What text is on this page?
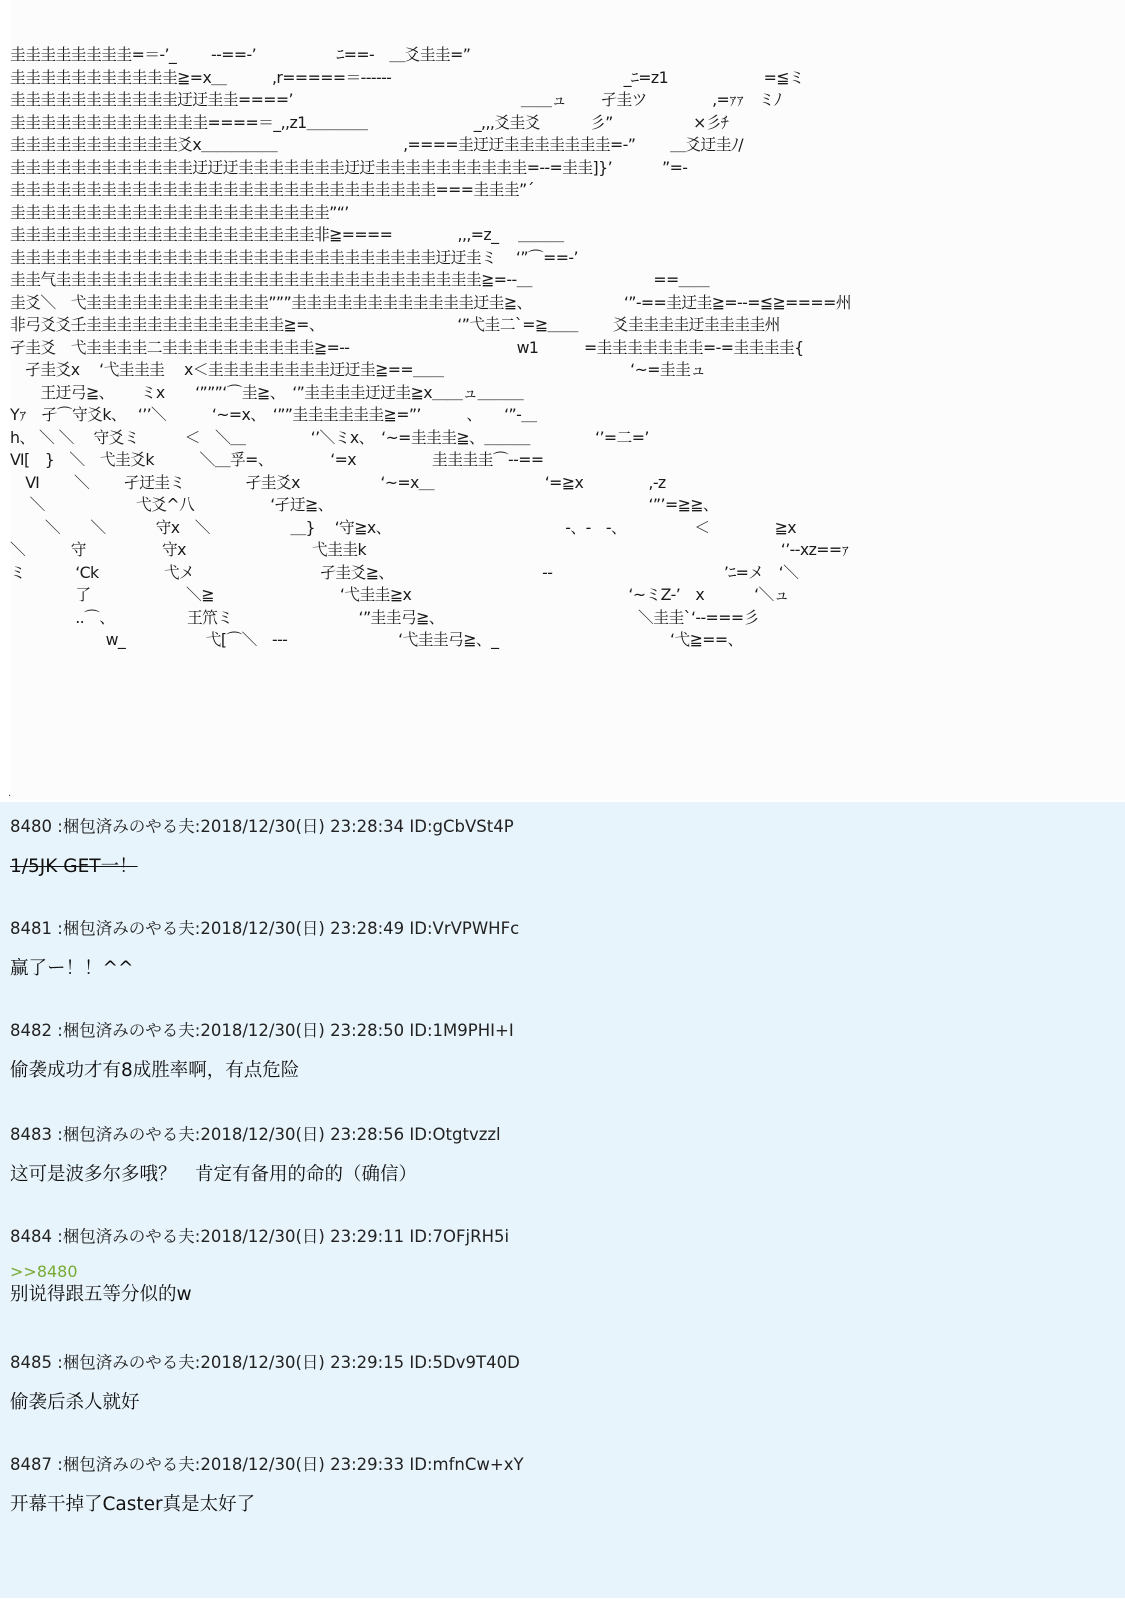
圭圭圭圭圭圭圭圭=＝-’_　　 --==-’　　　　　 ﾆ==-　＿爻圭圭=”
圭圭圭圭圭圭圭圭圭圭圭≧=x＿　　　,r=====＝------　　　　　　　　　　　　　　　 _ﾆ=z1　　　　　　 =≦ミ
圭圭圭圭圭圭圭圭圭圭圭迂迂圭圭====’　　　　　　　　　　　　　　　＿＿ュ　　 孑圭ツ　　　　 ,=ｧｧ　ミﾉ
圭圭圭圭圭圭圭圭圭圭圭圭圭====＝_,,z1＿＿＿＿　　　　　　　_,,,爻圭爻　　　 彡”　　　　　 ×彡ﾁ
圭圭圭圭圭圭圭圭圭圭圭爻x＿＿＿＿＿　　　　　　　　 ,====圭迂迂圭圭圭圭圭圭圭=-”　　 ＿爻迂圭ﾉ/
圭圭圭圭圭圭圭圭圭圭圭圭迂迂迂圭圭圭圭圭圭圭迂迂圭圭圭圭圭圭圭圭圭圭=--=圭圭]}’　　　 ”=-
圭圭圭圭圭圭圭圭圭圭圭圭圭圭圭圭圭圭圭圭圭圭圭圭圭圭圭圭===圭圭圭”´
圭圭圭圭圭圭圭圭圭圭圭圭圭圭圭圭圭圭圭圭圭”“’
圭圭圭圭圭圭圭圭圭圭圭圭圭圭圭圭圭圭圭圭非≧====　　　　 ,,,=z_　 ＿＿＿
圭圭圭圭圭圭圭圭圭圭圭圭圭圭圭圭圭圭圭圭圭圭圭圭圭圭圭圭迂迂圭ミ　 ‘”⌒==-’
圭圭气圭圭圭圭圭圭圭圭圭圭圭圭圭圭圭圭圭圭圭圭圭圭圭圭圭圭圭圭≧=--＿　　　　　　　　==＿＿
圭爻＼　弋圭圭圭圭圭圭圭圭圭圭圭圭”””圭圭圭圭圭圭圭圭圭圭圭圭迂圭≧、　　　　　　  ‘”-==圭迂圭≧=--=≦≧====州
非弓爻爻壬圭圭圭圭圭圭圭圭圭圭圭圭圭≧=、　　　　　　　　　 ‘”弋圭二`=≧＿＿　　 爻圭圭圭圭迂圭圭圭圭州
孑圭爻　弋圭圭圭圭二圭圭圭圭圭圭圭圭圭圭≧=--　　　　　　　　　　　w1　　　=圭圭圭圭圭圭圭=-=圭圭圭圭{
　孑圭爻x　 ‘弋圭圭圭　 x＜圭圭圭圭圭圭圭圭迂迂圭≧==＿＿　　　　　　　　　　　　 ‘~=圭圭ュ
　　王迂弓≧、　　 ミx　　‘”””‘⌒圭≧、　‘”圭圭圭圭迂迂圭≧x＿＿ュ＿＿＿
Yｧ　孑⌒守爻k、　 ‘’’＼　　　‘~=x、　‘””圭圭圭圭圭圭≧=”’　　　、　　‘”-＿
h、 ＼ ＼　 守爻ミ　　　＜　＼＿　　　　 ‘’＼ミx、　‘~=圭圭圭≧、＿＿＿　　　　 ‘’=二=’
Ⅵ[　}　＼　弋圭爻k　　　＼＿孚=、　　　　 ‘=x　　　　　圭圭圭圭⌒--==
　Ⅵ　　 ＼　　 孑迂圭ミ　　　　孑圭爻x　　　　　 ‘~=x＿　　　　　　　 ‘=≧x　　　　 ,-z
　 ＼　　　　　　弋爻^八　　　　　‘孑迂≧、　　　　　　　　　　　　　　　　　　　　　 ‘”’=≧≧、
　　 ＼　　＼　　　 守x　＼　　　　　 ＿}　 ‘守≧x、　　　　　　　　　　　　-、-　‐、　　　　　＜　　　　 ≧x
＼　　　守　　　　　守x　　　　　　　　 弋圭圭k　　　　　　　　　　　　　　　　　　　　　　　　　　　 ‘’--xz==ｧ
ミ　　　 ‘Ck　　　　 弋メ　　　　　　　　 孑圭爻≧、　　　　　　　　　　 --　　　　　　　　　　　 ’ﾆ=メ　‘＼
　　　　 了　　　　　　 ＼≧　　　　　　　　 ‘弋圭圭≧x　　　　　　　　　　　　　　 ‘~ミZ-’　x　　　 ‘＼ュ
　　　　 ..⌒、　　　　　 王笊ミ　　　　　　　　 ‘”圭圭弓≧、　　　　　　　　　　　　　 ＼圭圭`‘--===彡
　　　　　　 w_　　　　　 弋[⌒＼　---　　　　　　　 ‘弋圭圭弓≧、_　　　　　　　　　　　 ‘弋≧==、
.
8480 :梱包済みのやる夫:2018/12/30(日) 23:28:34 ID:gCbVSt4P
1/5JK GET一！
8481 :梱包済みのやる夫:2018/12/30(日) 23:28:49 ID:VrVPWHFc
赢了ー！！^^
8482 :梱包済みのやる夫:2018/12/30(日) 23:28:50 ID:1M9PHI+I
偷袭成功才有8成胜率啊，有点危险
8483 :梱包済みのやる夫:2018/12/30(日) 23:28:56 ID:Otgtvzzl
这可是波多尔多哦？　肯定有备用的命的（确信）
8484 :梱包済みのやる夫:2018/12/30(日) 23:29:11 ID:7OFjRH5i
>>8480
别说得跟五等分似的w
8485 :梱包済みのやる夫:2018/12/30(日) 23:29:15 ID:5Dv9T40D
偷袭后杀人就好
8487 :梱包済みのやる夫:2018/12/30(日) 23:29:33 ID:mfnCw+xY
开幕干掉了Caster真是太好了
